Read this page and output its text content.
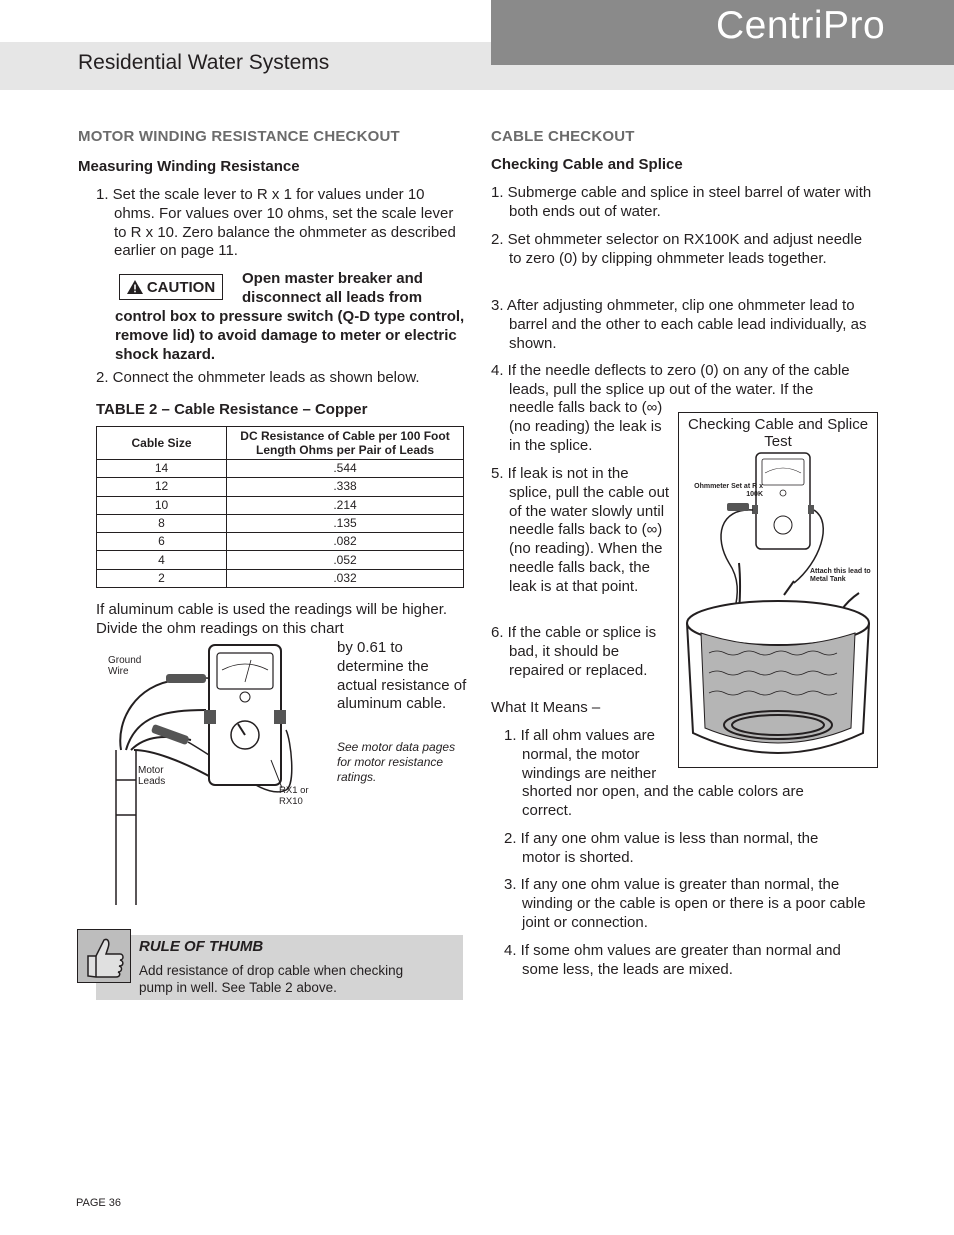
CentriPro
Residential Water Systems
MOTOR WINDING RESISTANCE CHECKOUT
Measuring Winding Resistance

1. Set the scale lever to R x 1 for values under 10 ohms. For values over 10 ohms, set the scale lever to R x 10. Zero balance the ohmmeter as described earlier on page 11.

CAUTION Open master breaker and disconnect all leads from
control box to pressure switch (Q-D type control, remove lid) to avoid damage to meter or electric shock hazard.
2. Connect the ohmmeter leads as shown below.
TABLE 2 – Cable Resistance – Copper
Cable Size	DC Resistance of Cable per 100 Foot Length Ohms per Pair of Leads
14	.544
12	.338
10	.214
8	.135
6	.082
4	.052
2	.032
If aluminum cable is used the readings will be higher. Divide the ohm readings on this chart
by 0.61 to determine the actual resistance of aluminum cable.
See motor data pages for motor resistance ratings.
Ground Wire
Motor Leads
RX1 or RX10
RULE OF THUMB
Add resistance of drop cable when checking pump in well. See Table 2 above.
CABLE CHECKOUT
Checking Cable and Splice

1. Submerge cable and splice in steel barrel of water with both ends out of water.

2. Set ohmmeter selector on RX100K and adjust needle to zero (0) by clipping ohmmeter leads together.

3. After adjusting ohmmeter, clip one ohmmeter lead to barrel and the other to each cable lead individually, as shown.

4. If the needle deflects to zero (0) on any of the cable leads, pull the splice up out of the water. If the

needle falls back to (∞) (no reading) the leak is in the splice.

5. If leak is not in the splice, pull the cable out of the water slowly until needle falls back to (∞) (no reading). When the needle falls back, the leak is at that point.

6. If the cable or splice is bad, it should be repaired or replaced.

What It Means –

1. If all ohm values are normal, the motor windings are neither

shorted nor open, and the cable colors are correct.

2. If any one ohm value is less than normal, the motor is shorted.

3. If any one ohm value is greater than normal, the winding or the cable is open or there is a poor cable joint or connection.

4. If some ohm values are greater than normal and some less, the leads are mixed.

Checking Cable and Splice Test
Ohmmeter Set at R x 100K
Attach this lead to Metal Tank
PAGE 36
